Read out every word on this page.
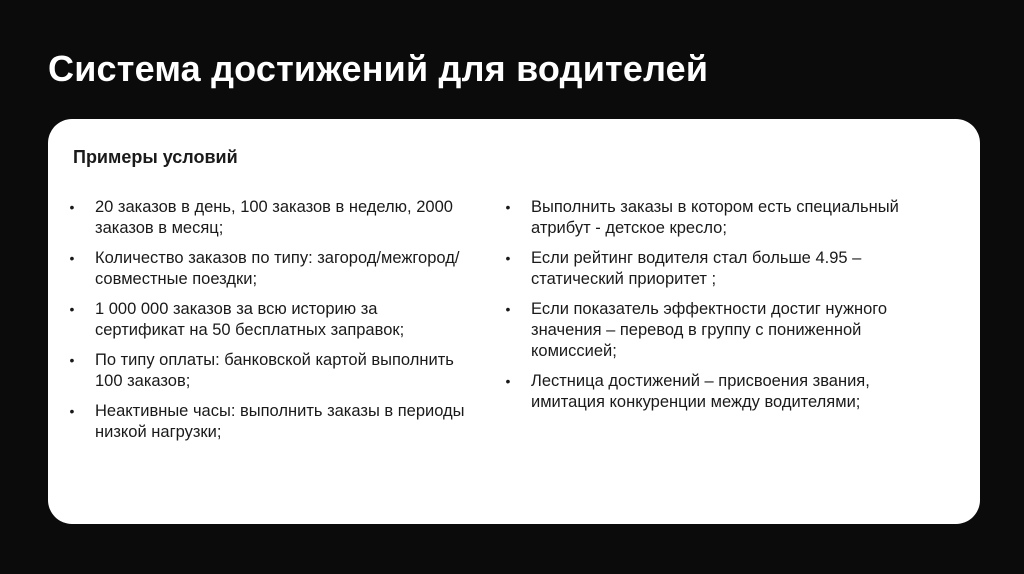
Система достижений для водителей
Примеры условий
• 20 заказов в день, 100 заказов в неделю, 2000 заказов в месяц;
• Количество заказов по типу: загород/межгород/совместные поездки;
• 1 000 000 заказов за всю историю за сертификат на 50 бесплатных заправок;
• По типу оплаты: банковской картой выполнить 100 заказов;
• Неактивные часы: выполнить заказы в периоды низкой нагрузки;
• Выполнить заказы в котором есть специальный атрибут - детское кресло;
• Если рейтинг водителя стал больше 4.95 – статический приоритет ;
• Если показатель эффектности достиг нужного значения – перевод в группу с пониженной комиссией;
• Лестница достижений – присвоения звания, имитация конкуренции между водителями;
